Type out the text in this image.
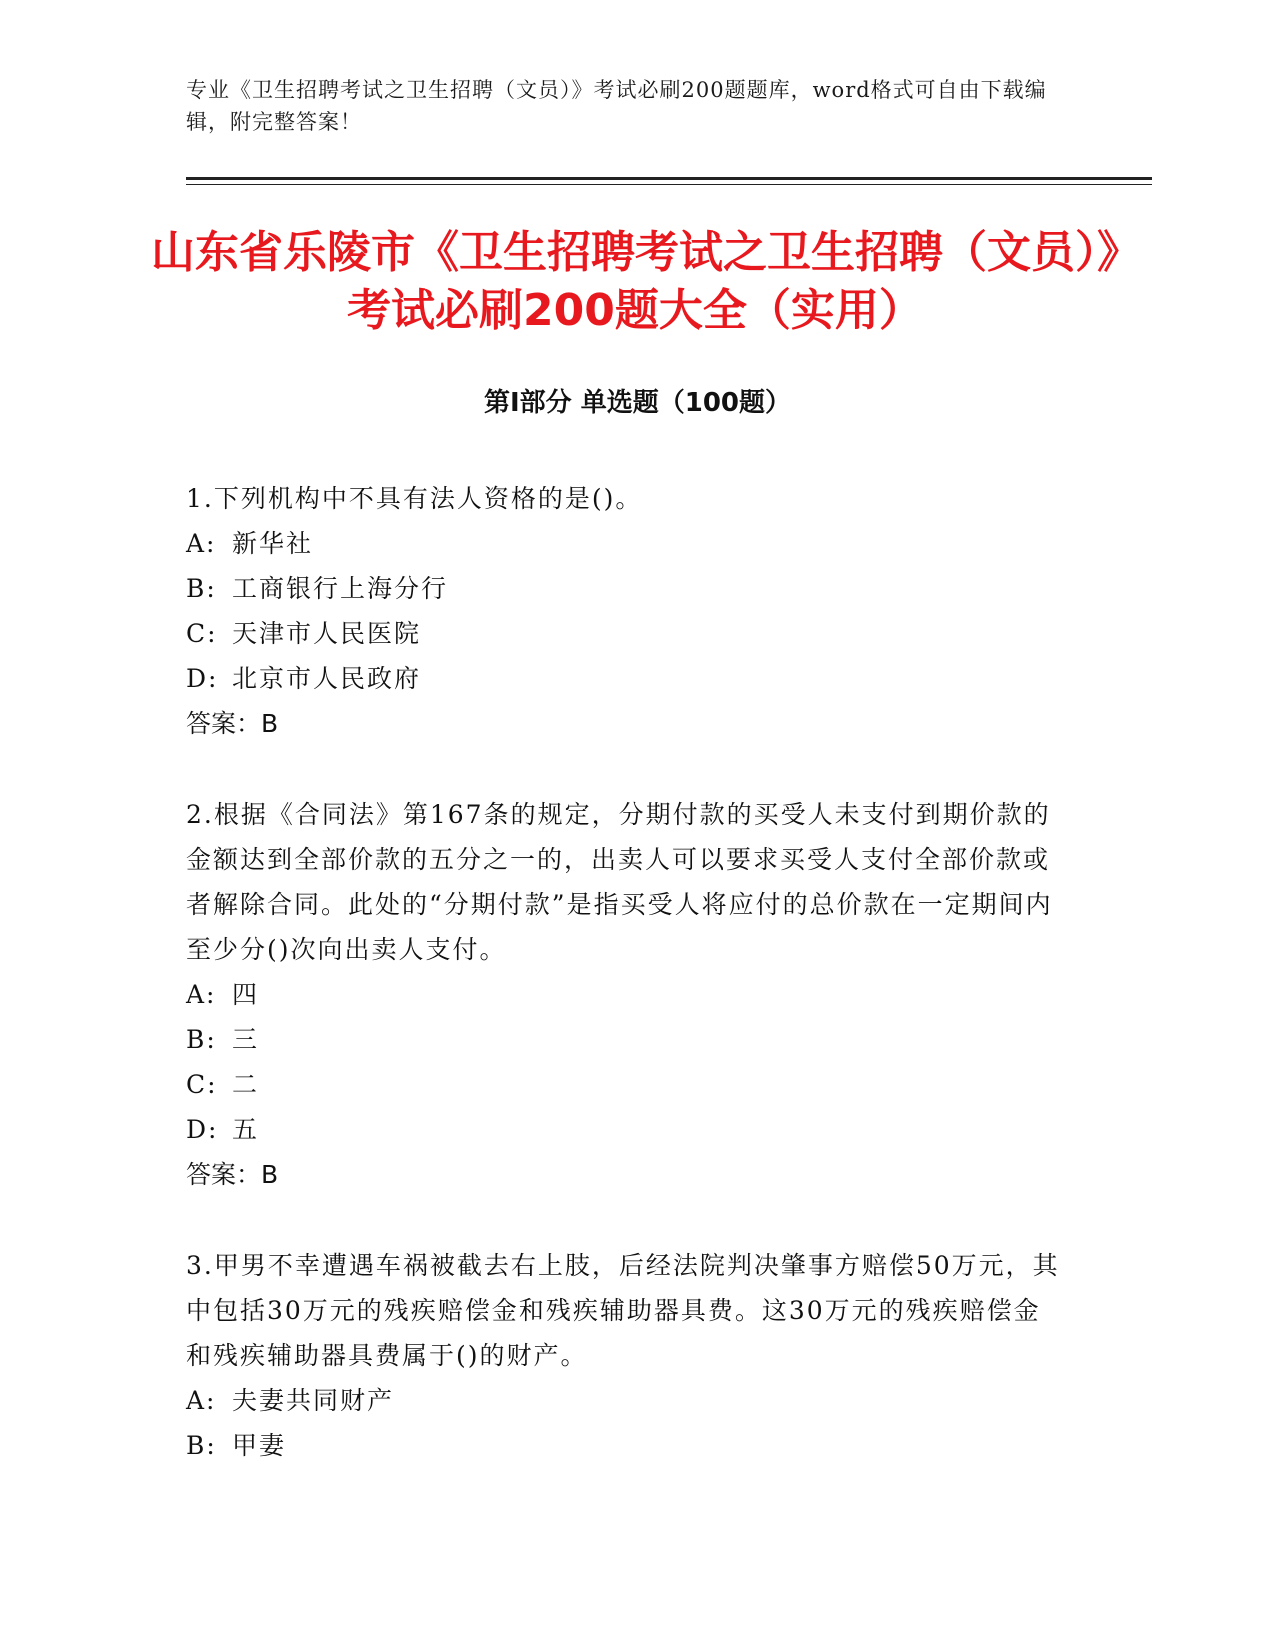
专业《卫生招聘考试之卫生招聘（文员）》考试必刷200题题库，word格式可自由下载编辑，附完整答案！
山东省乐陵市《卫生招聘考试之卫生招聘（文员）》考试必刷200题大全（实用）
第Ⅰ部分 单选题（100题）

1.下列机构中不具有法人资格的是()。

A: 新华社
B: 工商银行上海分行
C: 天津市人民医院
D: 北京市人民政府

答案：B

2.根据《合同法》第167条的规定，分期付款的买受人未支付到期价款的金额达到全部价款的五分之一的，出卖人可以要求买受人支付全部价款或者解除合同。此处的“分期付款”是指买受人将应付的总价款在一定期间内至少分()次向出卖人支付。

A: 四
B: 三
C: 二
D: 五

答案：B

3.甲男不幸遭遇车祸被截去右上肢，后经法院判决肇事方赔偿50万元，其中包括30万元的残疾赔偿金和残疾辅助器具费。这30万元的残疾赔偿金和残疾辅助器具费属于()的财产。

A: 夫妻共同财产
B: 甲妻
